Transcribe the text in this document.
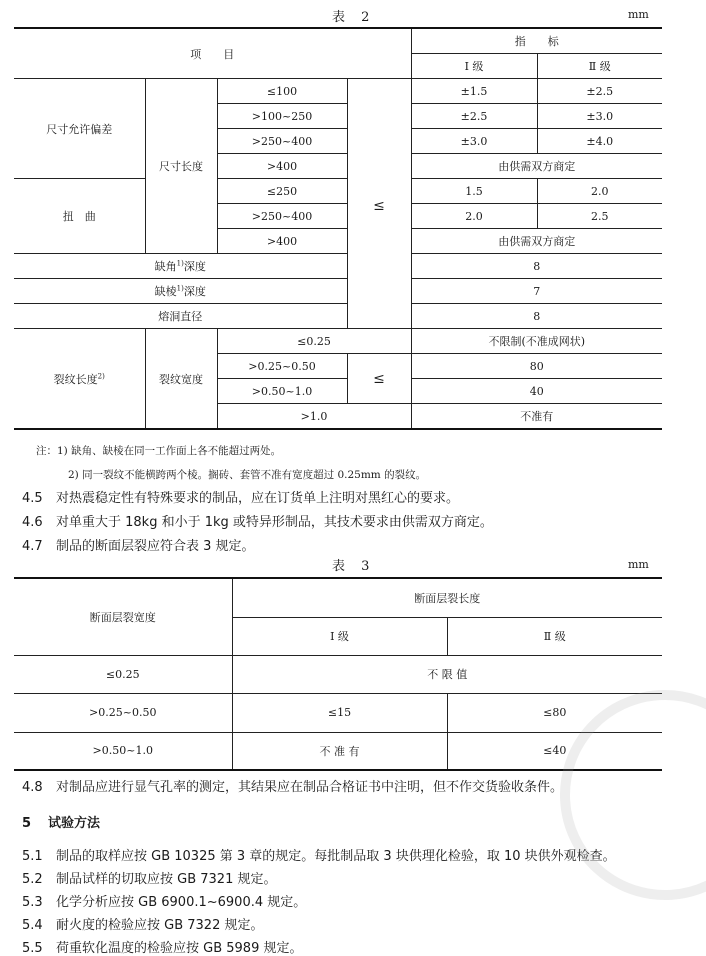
表 2	mm
项　　目				指　　标	
				Ⅰ 级	Ⅱ 级
尺寸允许偏差	尺寸长度	≤100	≤	±1.5	±2.5
		>100~250		±2.5	±3.0
		>250~400		±3.0	±4.0
		>400		由供需双方商定	
扭　曲		≤250		1.5	2.0
		>250~400		2.0	2.5
		>400		由供需双方商定	
缺角$^{1)}$深度				8	
缺棱$^{1)}$深度				7	
熔洞直径				8	
裂纹长度$^{2)}$	裂纹宽度	≤0.25		不限制(不准成网状)	
		>0.25~0.50	≤	80	
		>0.50~1.0		40	
		>1.0		不准有	
注：1) 缺角、缺棱在同一工作面上各不能超过两处。
2) 同一裂纹不能横跨两个棱。搁砖、套管不准有宽度超过 0.25mm 的裂纹。
4.5 对热震稳定性有特殊要求的制品，应在订货单上注明对黑红心的要求。
4.6 对单重大于 18kg 和小于 1kg 或特异形制品，其技术要求由供需双方商定。
4.7 制品的断面层裂应符合表 3 规定。
表 3	mm
断面层裂宽度	断面层裂长度	
	Ⅰ 级	Ⅱ 级
≤0.25	不 限 值	
>0.25~0.50	≤15	≤80
>0.50~1.0	不 准 有	≤40
4.8 对制品应进行显气孔率的测定，其结果应在制品合格证书中注明，但不作交货验收条件。
5 试验方法
5.1 制品的取样应按 GB 10325 第 3 章的规定。每批制品取 3 块供理化检验，取 10 块供外观检查。
5.2 制品试样的切取应按 GB 7321 规定。
5.3 化学分析应按 GB 6900.1~6900.4 规定。
5.4 耐火度的检验应按 GB 7322 规定。
5.5 荷重软化温度的检验应按 GB 5989 规定。
